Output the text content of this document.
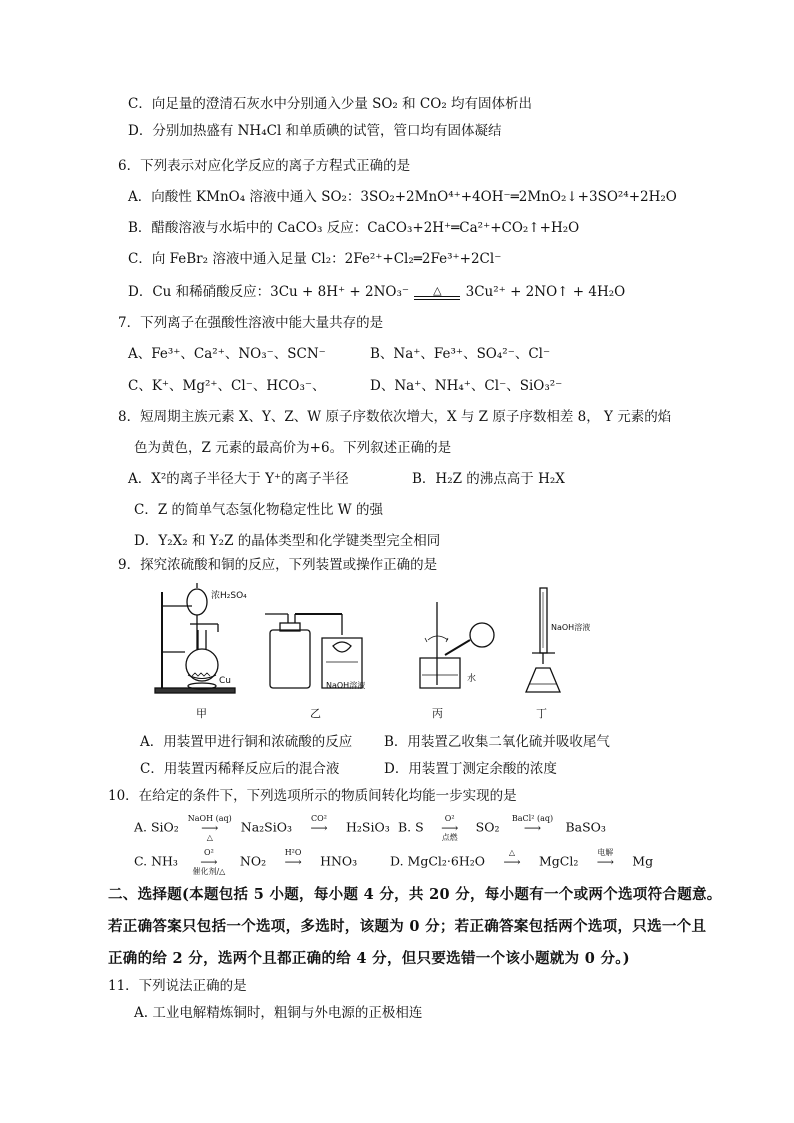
C．向足量的澄清石灰水中分别通入少量 SO₂ 和 CO₂ 均有固体析出
D．分别加热盛有 NH₄Cl 和单质碘的试管，管口均有固体凝结
6．下列表示对应化学反应的离子方程式正确的是
A．向酸性 KMnO₄ 溶液中通入 SO₂：3SO₂+2MnO⁴⁺+4OH⁻═2MnO₂↓+3SO²⁴+2H₂O
B．醋酸溶液与水垢中的 CaCO₃ 反应：CaCO₃+2H⁺═Ca²⁺+CO₂↑+H₂O
C．向 FeBr₂ 溶液中通入足量 Cl₂：2Fe²⁺+Cl₂═2Fe³⁺+2Cl⁻
D．Cu 和稀硝酸反应：3Cu + 8H⁺ + 2NO₃⁻	△	3Cu²⁺ + 2NO↑ + 4H₂O
7．下列离子在强酸性溶液中能大量共存的是
A、Fe³⁺、Ca²⁺、NO₃⁻、SCN⁻	B、Na⁺、Fe³⁺、SO₄²⁻、Cl⁻
C、K⁺、Mg²⁺、Cl⁻、HCO₃⁻、	D、Na⁺、NH₄⁺、Cl⁻、SiO₃²⁻
8．短周期主族元素 X、Y、Z、W 原子序数依次增大，X 与 Z 原子序数相差 8， Y 元素的焰
色为黄色，Z 元素的最高价为+6。下列叙述正确的是
A．X²的离子半径大于 Y⁺的离子半径	B．H₂Z 的沸点高于 H₂X
C．Z 的简单气态氢化物稳定性比 W 的强
D．Y₂X₂ 和 Y₂Z 的晶体类型和化学键类型完全相同
9．探究浓硫酸和铜的反应，下列装置或操作正确的是
浓H₂SO₄
Cu
甲
NaOH溶液
乙
水
丙
NaOH溶液
丁
A．用装置甲进行铜和浓硫酸的反应 B．用装置乙收集二氧化硫并吸收尾气
C．用装置丙稀释反应后的混合液	D．用装置丁测定余酸的浓度
10．在给定的条件下，下列选项所示的物质间转化均能一步实现的是
A. SiO₂
NaOH (aq)
⟶
△
Na₂SiO₃
CO²
⟶
	H₂SiO₃ B. S
O²
⟶
点燃
SO₂
BaCl² (aq)
⟶
	BaSO₃
C. NH₃
O²
⟶
催化剂/△
NO₂
H²O
⟶
	HNO₃	D. MgCl₂·6H₂O
△
⟶
	MgCl₂
电解
⟶
	Mg
二、选择题(本题包括 5 小题，每小题 4 分，共 20 分，每小题有一个或两个选项符合题意。
若正确答案只包括一个选项，多选时，该题为 0 分；若正确答案包括两个选项，只选一个且
正确的给 2 分，选两个且都正确的给 4 分，但只要选错一个该小题就为 0 分。)
11．下列说法正确的是
A. 工业电解精炼铜时，粗铜与外电源的正极相连
